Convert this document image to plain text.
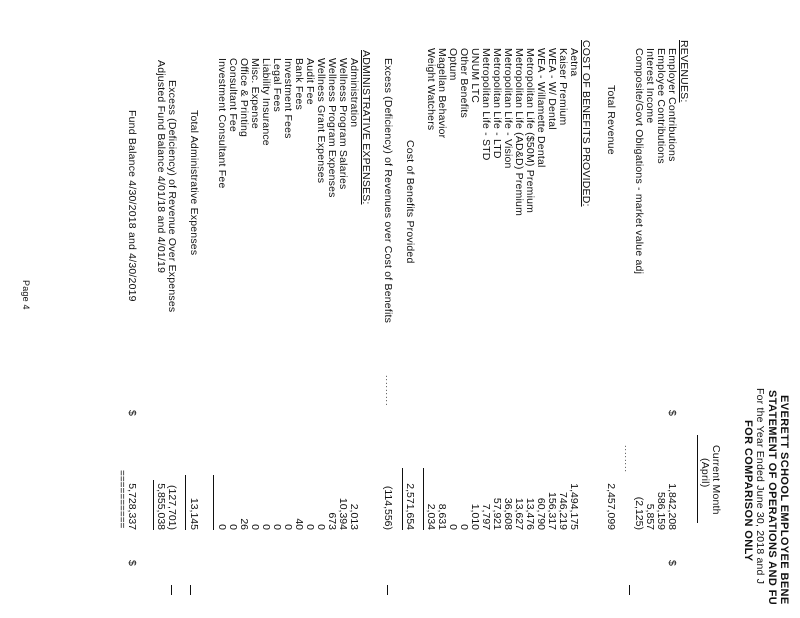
EVERETT SCHOOL EMPLOYEE BENE
STATEMENT OF OPERATIONS AND FU
For the Year Ended June 30, 2018 and J
FOR COMPARISON ONLY
Current Month
(April)
REVENUES:
Employer Contributions
$
1,842,208
$
Employee Contributions
586,159
Interest Income
5,857
Composite/Govt Obligations - market value adj
(2,125)
........
Total Revenue
2,457,099
COST OF BENEFITS PROVIDED:
Aetna
1,494,175
Kaiser Premium
746,219
WEA - W/ Dental
156,317
WEA - Willamette Dental
60,790
Metropolitan Life ($50M) Premium
13,476
Metropolitan Life (AD&D) Premium
13,627
Metropolitan Life - Vision
36,608
Metropolitan Life - LTD
57,921
Metropolitan Life - STD
7,797
UNUM LTC
1,010
Other Benefits
0
Optum
0
Magellan Behavior
8,631
Weight Watchers
2,034
Cost of Benefits Provided
2,571,654
Excess (Deficiency) of Revenues over Cost of Benefits
.........
(114,556)
ADMINISTRATIVE EXPENSES:
Administration
2,013
Wellness Program Salaries
10,394
Wellness Program Expenses
673
Wellness Grant Expenses
0
Audit Fee
0
Bank Fees
40
Investment Fees
0
Legal Fees
0
Liability Insurance
0
Misc. Expense
0
Office & Printing
26
Consultant Fee
0
Investment Consultant Fee
0
Total Administrative Expenses
13,145
Excess (Deficiency) of Revenue Over Expenses
(127,701)
Adjusted Fund Balance 4/01/18 and 4/01/19
5,855,038
Fund Balance 4/30/2018 and 4/30/2019
$
5,728,337
$
==========
Page 4
